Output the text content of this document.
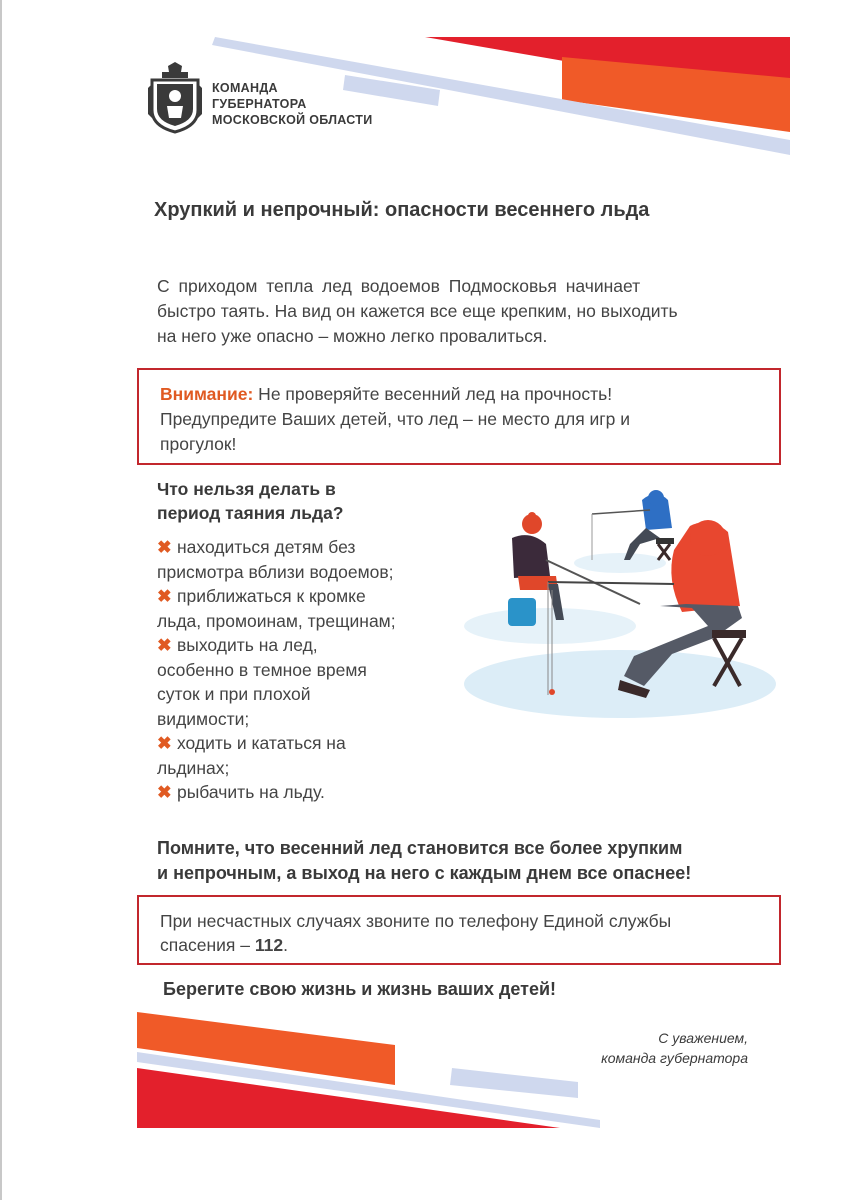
КОМАНДА
ГУБЕРНАТОРА
МОСКОВСКОЙ ОБЛАСТИ
Хрупкий и непрочный: опасности весеннего льда
С приходом тепла лед водоемов Подмосковья начинает
быстро таять. На вид он кажется все еще крепким, но выходить
на него уже опасно – можно легко провалиться.
Внимание: Не проверяйте весенний лед на прочность!
Предупредите Ваших детей, что лед – не место для игр и
прогулок!
Что нельзя делать в
период таяния льда?
✖ находиться детям без
присмотра вблизи водоемов;
✖ приближаться к кромке
льда, промоинам, трещинам;
✖ выходить на лед,
особенно в темное время
суток и при плохой
видимости;
✖ ходить и кататься на
льдинах;
✖ рыбачить на льду.
Помните, что весенний лед становится все более хрупким
и непрочным, а выход на него с каждым днем все опаснее!
При несчастных случаях звоните по телефону Единой службы
спасения – 112.
Берегите свою жизнь и жизнь ваших детей!
С уважением,
команда губернатора
